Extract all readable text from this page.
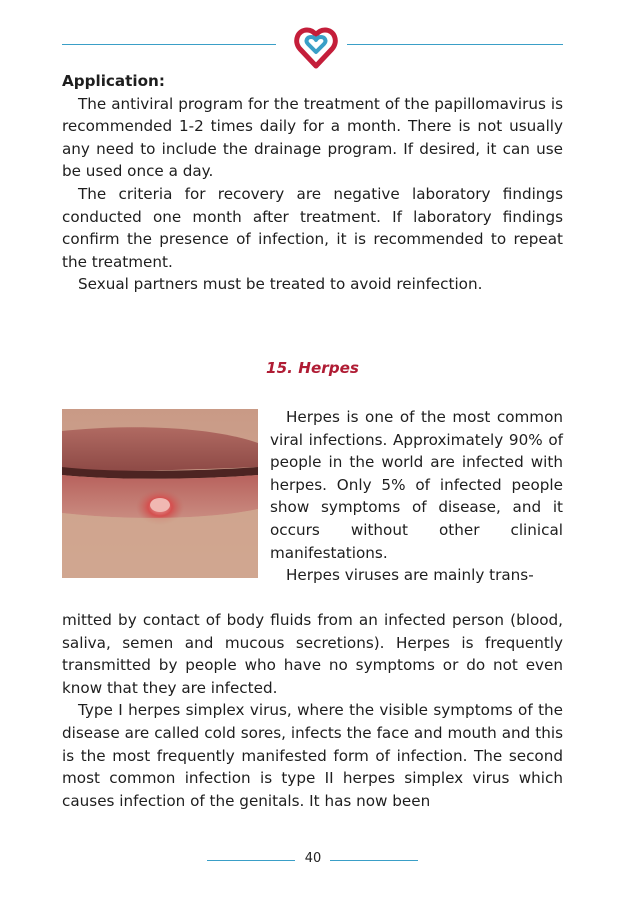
Application:

The antiviral program for the treatment of the papillomavirus is recommended 1-2 times daily for a month. There is not usually any need to include the drainage program. If desired, it can use be used once a day.

The criteria for recovery are negative laboratory findings conducted one month after treatment. If laboratory findings confirm the presence of infection, it is recommended to repeat the treatment.

Sexual partners must be treated to avoid reinfection.

15. Herpes

Herpes is one of the most common viral infections. Approximately 90% of people in the world are infected with herpes. Only 5% of infected people show symptoms of disease, and it occurs without other clinical manifestations.

Herpes viruses are mainly trans-

mitted by contact of body fluids from an infected person (blood, saliva, semen and mucous secretions). Herpes is frequently transmitted by people who have no symptoms or do not even know that they are infected.

Type I herpes simplex virus, where the visible symptoms of the disease are called cold sores, infects the face and mouth and this is the most frequently manifested form of infection. The second most common infection is type II herpes simplex virus which causes infection of the genitals. It has now been

40
